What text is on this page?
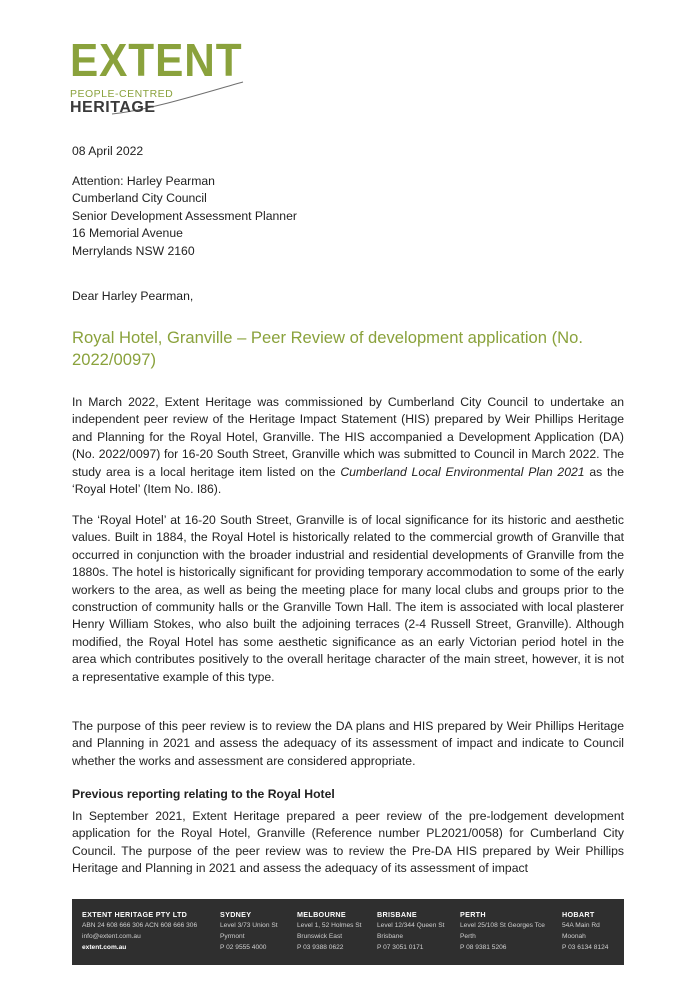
EXTENT
PEOPLE-CENTRED
HERITAGE
08 April 2022
Attention: Harley Pearman
Cumberland City Council
Senior Development Assessment Planner
16 Memorial Avenue
Merrylands NSW 2160
Dear Harley Pearman,
Royal Hotel, Granville – Peer Review of development application (No. 2022/0097)
In March 2022, Extent Heritage was commissioned by Cumberland City Council to undertake an independent peer review of the Heritage Impact Statement (HIS) prepared by Weir Phillips Heritage and Planning for the Royal Hotel, Granville. The HIS accompanied a Development Application (DA) (No. 2022/0097) for 16-20 South Street, Granville which was submitted to Council in March 2022. The study area is a local heritage item listed on the Cumberland Local Environmental Plan 2021 as the ‘Royal Hotel’ (Item No. I86).
The ‘Royal Hotel’ at 16-20 South Street, Granville is of local significance for its historic and aesthetic values. Built in 1884, the Royal Hotel is historically related to the commercial growth of Granville that occurred in conjunction with the broader industrial and residential developments of Granville from the 1880s. The hotel is historically significant for providing temporary accommodation to some of the early workers to the area, as well as being the meeting place for many local clubs and groups prior to the construction of community halls or the Granville Town Hall. The item is associated with local plasterer Henry William Stokes, who also built the adjoining terraces (2-4 Russell Street, Granville). Although modified, the Royal Hotel has some aesthetic significance as an early Victorian period hotel in the area which contributes positively to the overall heritage character of the main street, however, it is not a representative example of this type.
The purpose of this peer review is to review the DA plans and HIS prepared by Weir Phillips Heritage and Planning in 2021 and assess the adequacy of its assessment of impact and indicate to Council whether the works and assessment are considered appropriate.
Previous reporting relating to the Royal Hotel
In September 2021, Extent Heritage prepared a peer review of the pre-lodgement development application for the Royal Hotel, Granville (Reference number PL2021/0058) for Cumberland City Council. The purpose of the peer review was to review the Pre-DA HIS prepared by Weir Phillips Heritage and Planning in 2021 and assess the adequacy of its assessment of impact
EXTENT HERITAGE PTY LTD
ABN 24 608 666 306 ACN 608 666 306
info@extent.com.au
extent.com.au
SYDNEY
Level 3/73 Union St
Pyrmont
P 02 9555 4000
MELBOURNE
Level 1, 52 Holmes St
Brunswick East
P 03 9388 0622
BRISBANE
Level 12/344 Queen St
Brisbane
P 07 3051 0171
PERTH
Level 25/108 St Georges Tce
Perth
P 08 9381 5206
HOBART
54A Main Rd
Moonah
P 03 6134 8124
